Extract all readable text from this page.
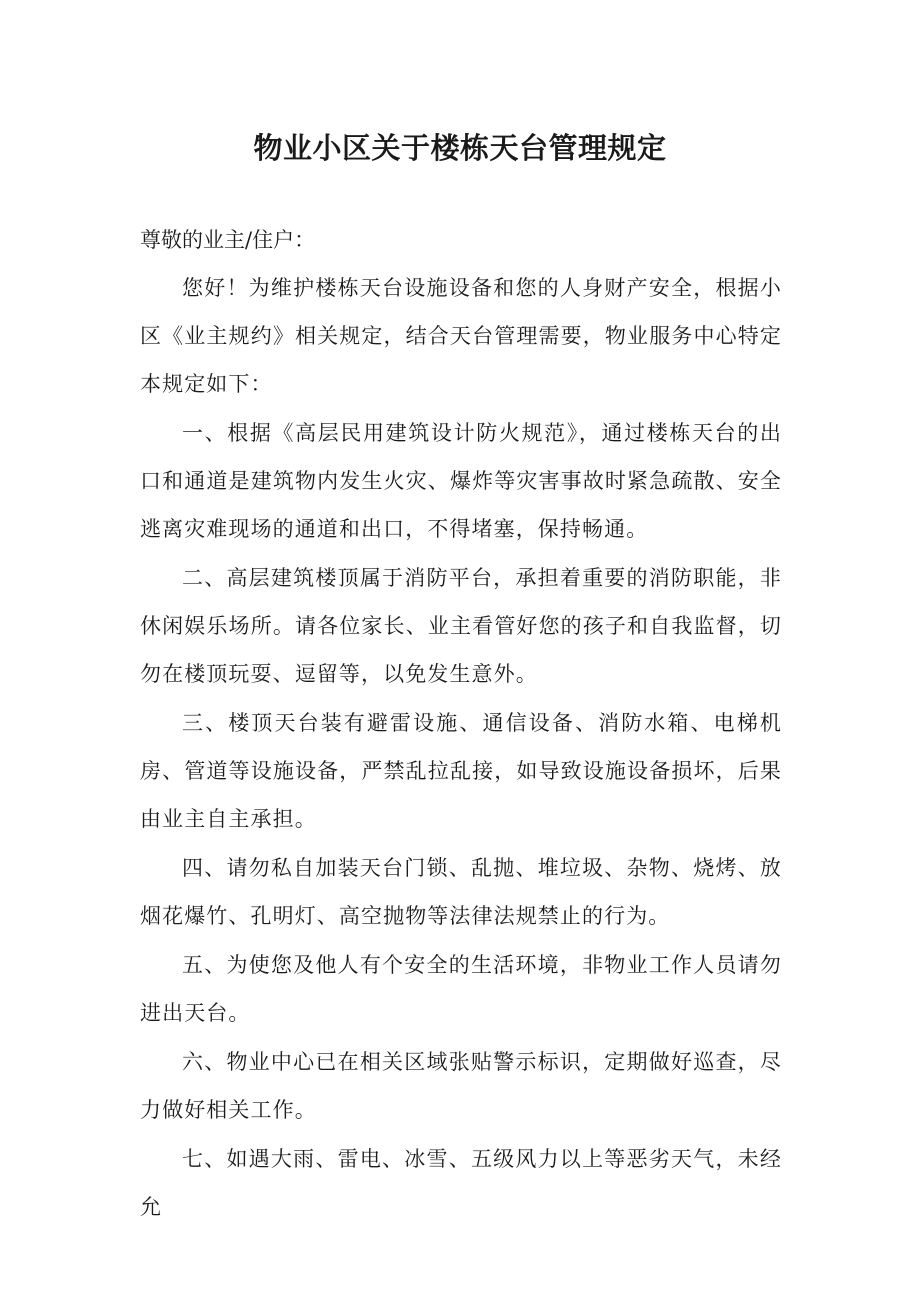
物业小区关于楼栋天台管理规定

尊敬的业主/住户：

您好！为维护楼栋天台设施设备和您的人身财产安全，根据小区《业主规约》相关规定，结合天台管理需要，物业服务中心特定本规定如下：

一、根据《高层民用建筑设计防火规范》，通过楼栋天台的出口和通道是建筑物内发生火灾、爆炸等灾害事故时紧急疏散、安全逃离灾难现场的通道和出口，不得堵塞，保持畅通。

二、高层建筑楼顶属于消防平台，承担着重要的消防职能，非休闲娱乐场所。请各位家长、业主看管好您的孩子和自我监督，切勿在楼顶玩耍、逗留等，以免发生意外。

三、楼顶天台装有避雷设施、通信设备、消防水箱、电梯机房、管道等设施设备，严禁乱拉乱接，如导致设施设备损坏，后果由业主自主承担。

四、请勿私自加装天台门锁、乱抛、堆垃圾、杂物、烧烤、放烟花爆竹、孔明灯、高空抛物等法律法规禁止的行为。

五、为使您及他人有个安全的生活环境，非物业工作人员请勿进出天台。

六、物业中心已在相关区域张贴警示标识，定期做好巡查，尽力做好相关工作。

七、如遇大雨、雷电、冰雪、五级风力以上等恶劣天气，未经允
